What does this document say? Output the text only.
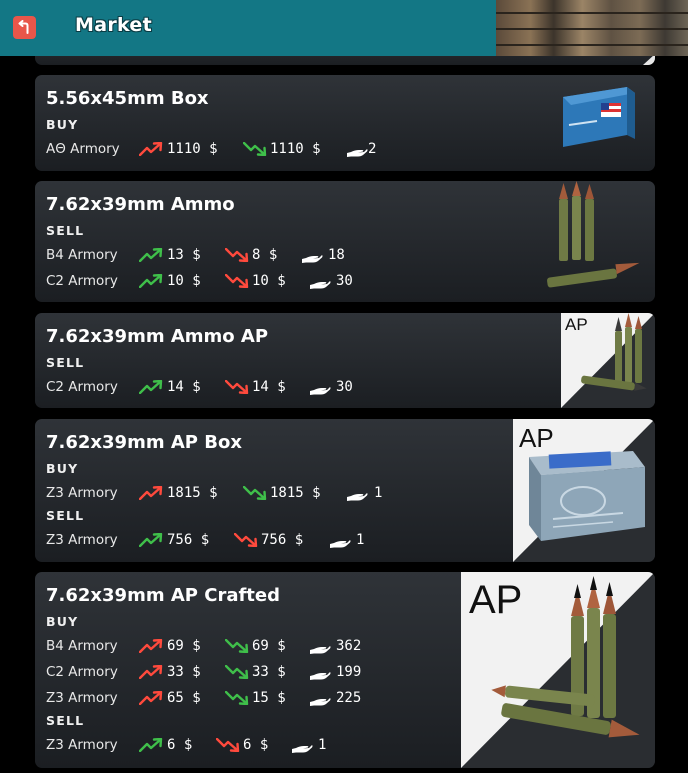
Market
5.56x45mm Box
BUY
AΘ Armory	1110 $	1110 $	2
7.62x39mm Ammo
SELL
B4 Armory	13 $	8 $	18
C2 Armory	10 $	10 $	30
7.62x39mm Ammo AP
SELL
C2 Armory	14 $	14 $	30
AP
7.62x39mm AP Box
BUY
Z3 Armory	1815 $	1815 $	1
SELL
Z3 Armory	756 $	756 $	1
AP
7.62x39mm AP Crafted
BUY
B4 Armory	69 $	69 $	362
C2 Armory	33 $	33 $	199
Z3 Armory	65 $	15 $	225
SELL
Z3 Armory	6 $	6 $	1
AP
